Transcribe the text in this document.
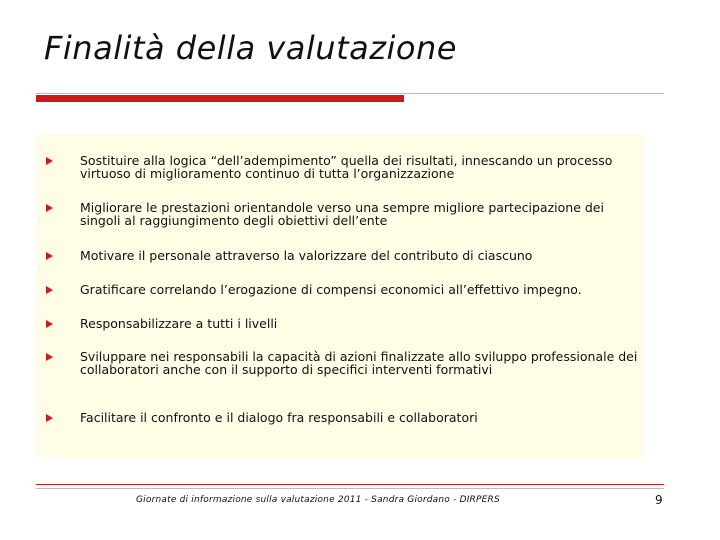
Finalità della valutazione
Sostituire alla logica “dell’adempimento” quella dei risultati, innescando un processo virtuoso di miglioramento continuo di tutta l’organizzazione
Migliorare le prestazioni orientandole verso una sempre migliore partecipazione dei singoli al raggiungimento degli obiettivi dell’ente
Motivare il personale attraverso la valorizzare del contributo di ciascuno
Gratificare correlando l’erogazione di compensi economici all’effettivo impegno.
Responsabilizzare a tutti i livelli
Sviluppare nei responsabili la capacità di azioni finalizzate allo sviluppo professionale dei collaboratori anche con il supporto di specifici interventi formativi
Facilitare il confronto e il dialogo fra responsabili e collaboratori
Giornate di informazione sulla valutazione 2011 - Sandra Giordano - DIRPERS	9
